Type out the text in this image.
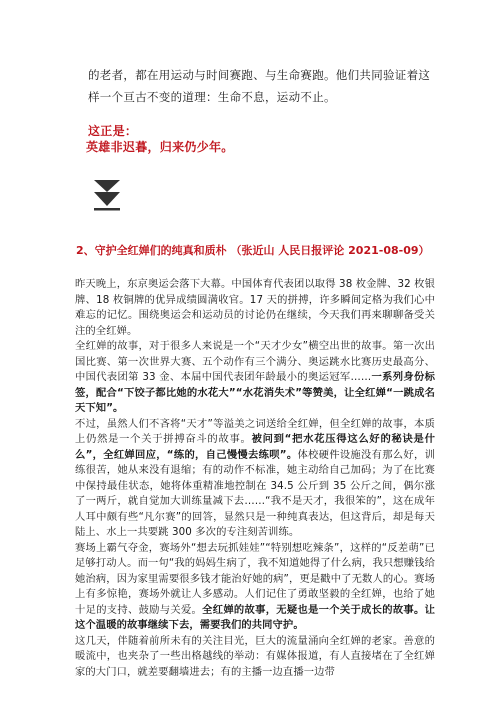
的老者，都在用运动与时间赛跑、与生命赛跑。他们共同验证着这

样一个亘古不变的道理：生命不息，运动不止。

这正是：

英雄非迟暮，归来仍少年。

2、守护全红婵们的纯真和质朴 （张近山 人民日报评论 2021-08-09）

昨天晚上，东京奥运会落下大幕。中国体育代表团以取得 38 枚金牌、32 枚银牌、18 枚铜牌的优异成绩圆满收官。17 天的拼搏，许多瞬间定格为我们心中难忘的记忆。围绕奥运会和运动员的讨论仍在继续，今天我们再来聊聊备受关注的全红婵。

全红婵的故事，对于很多人来说是一个“天才少女”横空出世的故事。第一次出国比赛、第一次世界大赛、五个动作有三个满分、奥运跳水比赛历史最高分、中国代表团第 33 金、本届中国代表团年龄最小的奥运冠军……一系列身份标签，配合“下饺子都比她的水花大”“水花消失术”等赞美，让全红婵“一跳成名天下知”。

不过，虽然人们不吝将“天才”等溢美之词送给全红婵，但全红婵的故事，本质上仍然是一个关于拼搏奋斗的故事。被问到“把水花压得这么好的秘诀是什么”，全红婵回应，“练的，自己慢慢去练呗”。体校硬件设施没有那么好，训练很苦，她从来没有退缩；有的动作不标准，她主动给自己加码；为了在比赛中保持最佳状态，她将体重精准地控制在 34.5 公斤到 35 公斤之间，偶尔涨了一两斤，就自觉加大训练量减下去……“我不是天才，我很笨的”，这在成年人耳中颇有些“凡尔赛”的回答，显然只是一种纯真表达，但这背后，却是每天陆上、水上一共要跳 300 多次的专注刻苦训练。

赛场上霸气夺金，赛场外“想去玩抓娃娃”“特别想吃辣条”，这样的“反差萌”已足够打动人。而一句“我的妈妈生病了，我不知道她得了什么病，我只想赚钱给她治病，因为家里需要很多钱才能治好她的病”，更是戳中了无数人的心。赛场上有多惊艳，赛场外就让人多感动。人们记住了勇敢坚毅的全红婵，也给了她十足的支持、鼓励与关爱。全红婵的故事，无疑也是一个关于成长的故事。让这个温暖的故事继续下去，需要我们的共同守护。

这几天，伴随着前所未有的关注目光，巨大的流量涌向全红婵的老家。善意的暖流中，也夹杂了一些出格越线的举动：有媒体报道，有人直接堵在了全红婵家的大门口，就差要翻墙进去；有的主播一边直播一边带
